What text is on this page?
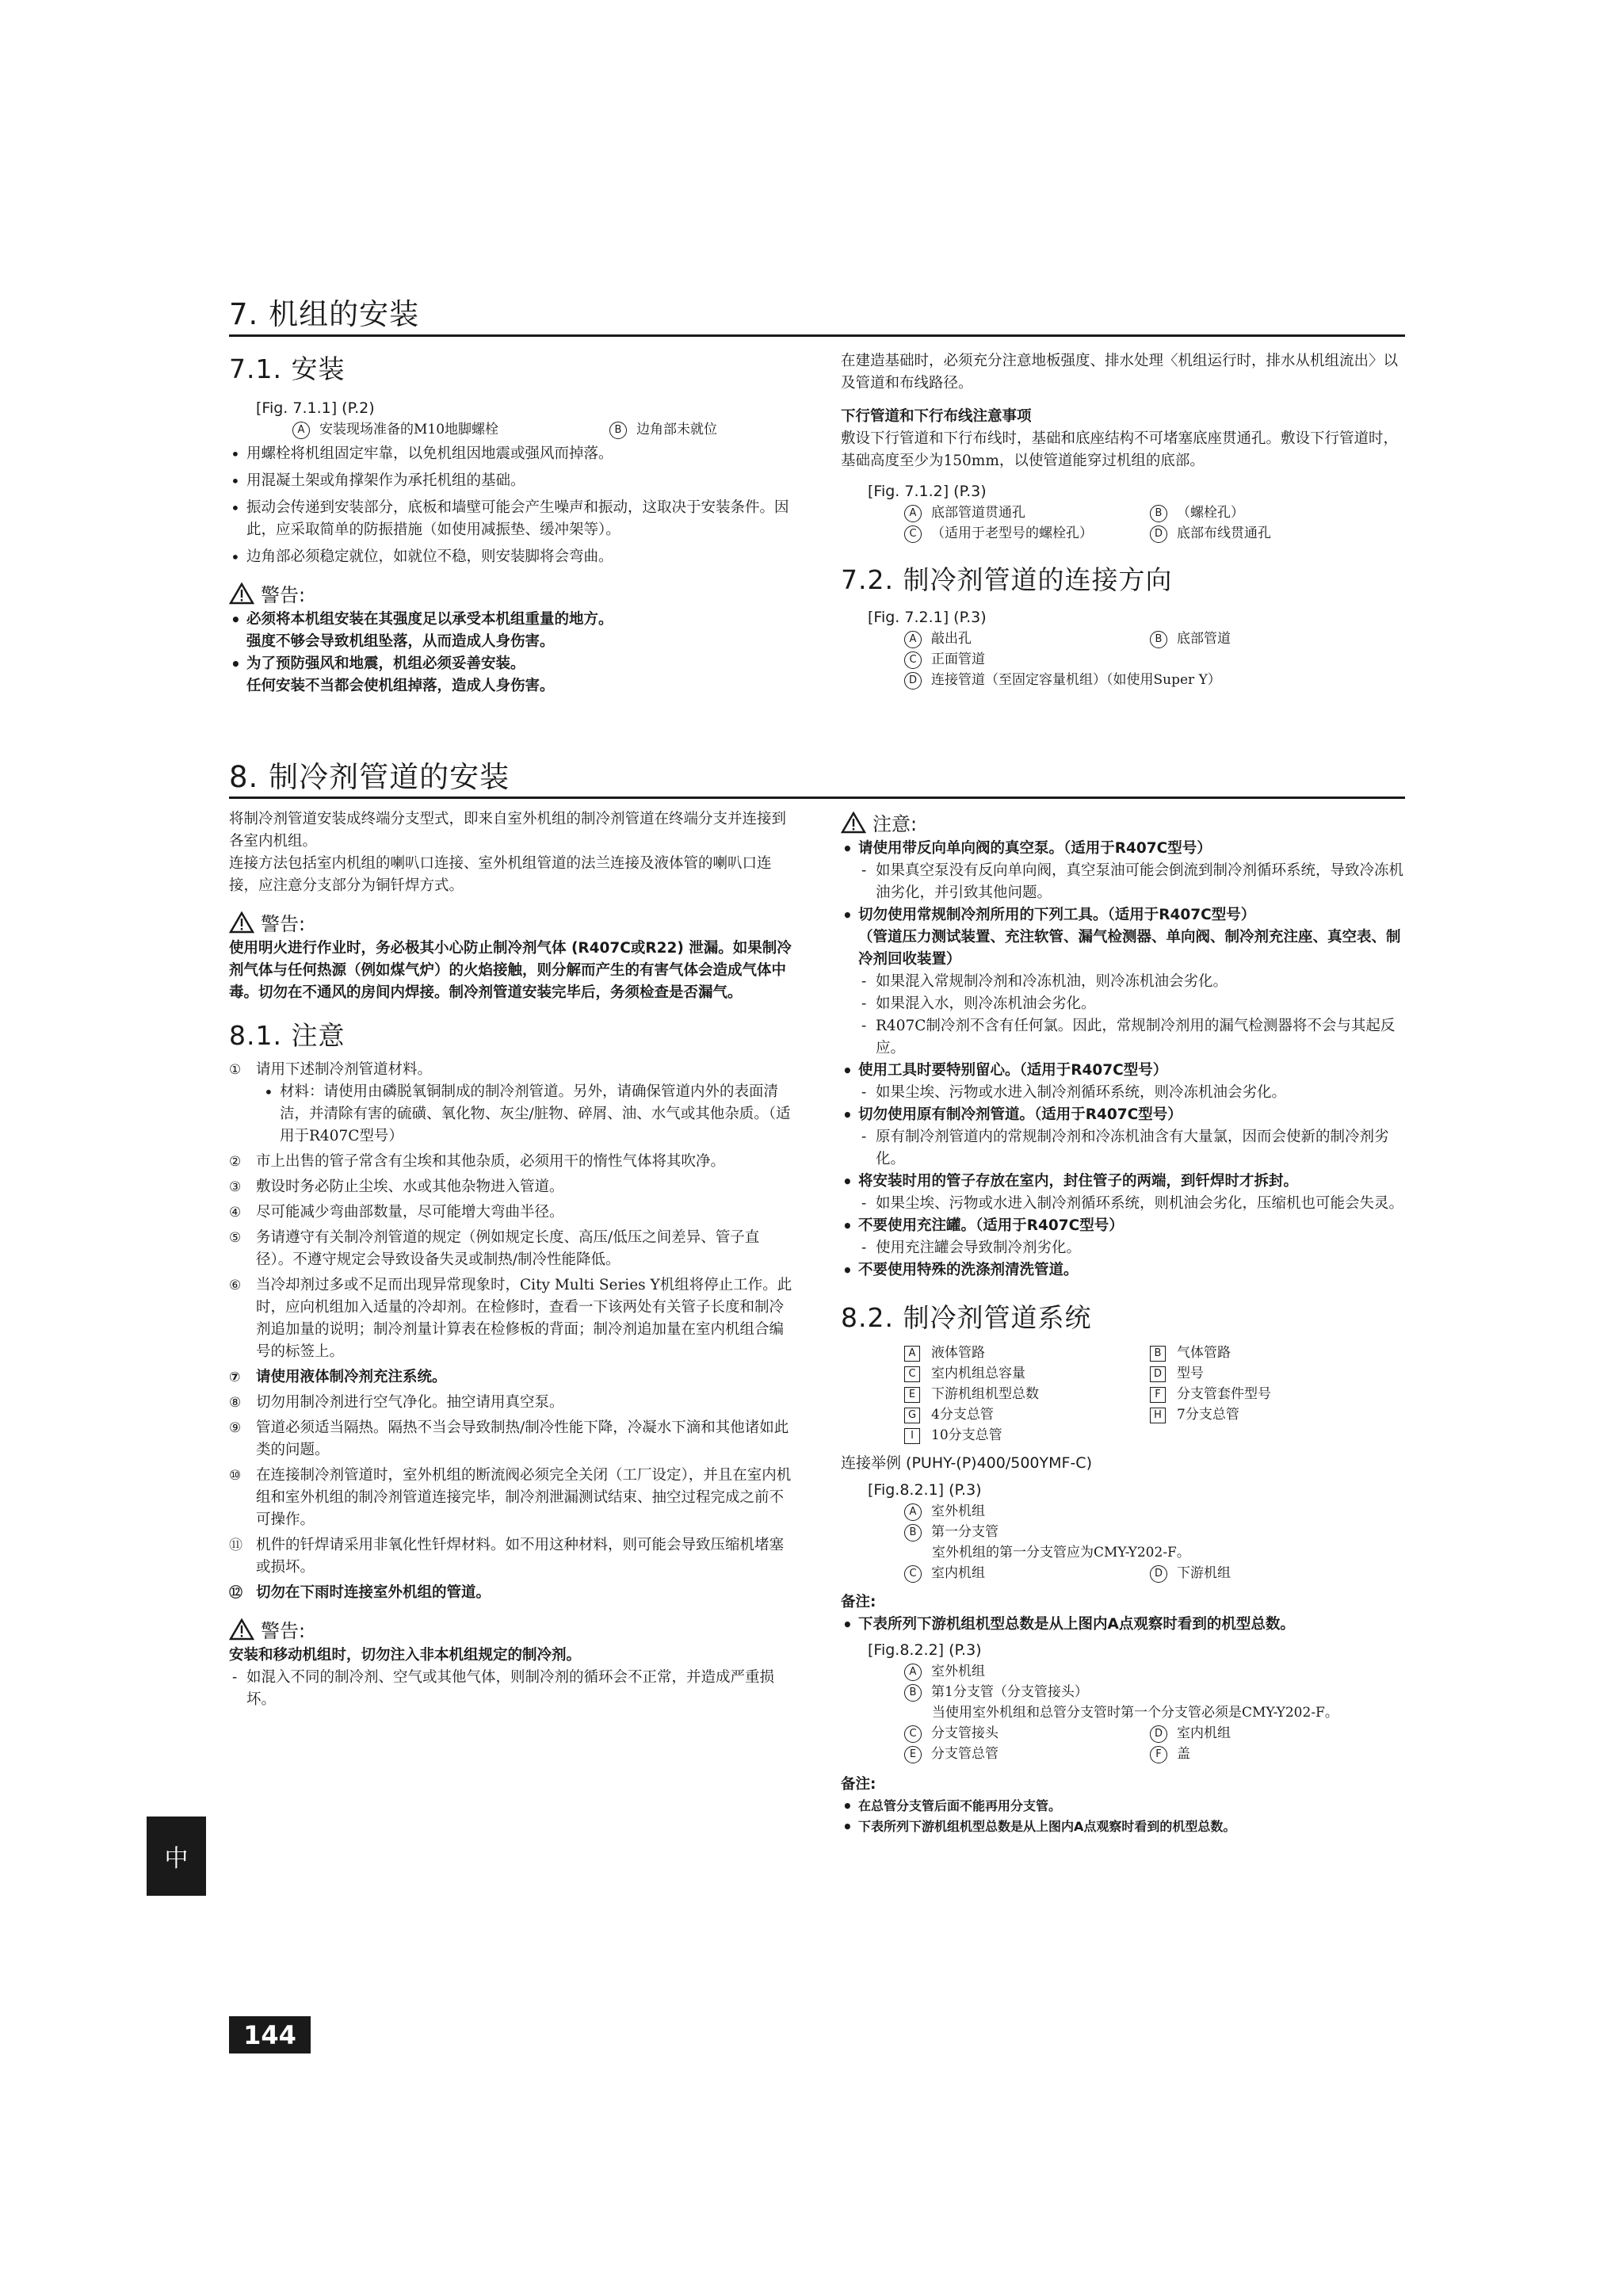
7. 机组的安装
7.1. 安装
[Fig. 7.1.1] (P.2)
A 安装现场准备的M10地脚螺栓	B 边角部未就位
• 用螺栓将机组固定牢靠，以免机组因地震或强风而掉落。
• 用混凝土架或角撑架作为承托机组的基础。
• 振动会传递到安装部分，底板和墙壁可能会产生噪声和振动，这取决于安装条件。因此，应采取简单的防振措施（如使用减振垫、缓冲架等）。
• 边角部必须稳定就位，如就位不稳，则安装脚将会弯曲。
警告:
• 必须将本机组安装在其强度足以承受本机组重量的地方。
强度不够会导致机组坠落，从而造成人身伤害。
• 为了预防强风和地震，机组必须妥善安装。
任何安装不当都会使机组掉落，造成人身伤害。
在建造基础时，必须充分注意地板强度、排水处理〈机组运行时，排水从机组流出〉以及管道和布线路径。
下行管道和下行布线注意事项
敷设下行管道和下行布线时，基础和底座结构不可堵塞底座贯通孔。敷设下行管道时，基础高度至少为150mm，以使管道能穿过机组的底部。
[Fig. 7.1.2] (P.3)
A 底部管道贯通孔	B （螺栓孔）
C （适用于老型号的螺栓孔）	D 底部布线贯通孔
7.2. 制冷剂管道的连接方向
[Fig. 7.2.1] (P.3)
A 敲出孔	B 底部管道
C 正面管道
D 连接管道（至固定容量机组）（如使用Super Y）
8. 制冷剂管道的安装
将制冷剂管道安装成终端分支型式，即来自室外机组的制冷剂管道在终端分支并连接到各室内机组。
连接方法包括室内机组的喇叭口连接、室外机组管道的法兰连接及液体管的喇叭口连接，应注意分支部分为铜钎焊方式。
警告:
使用明火进行作业时，务必极其小心防止制冷剂气体 (R407C或R22) 泄漏。如果制冷剂气体与任何热源（例如煤气炉）的火焰接触，则分解而产生的有害气体会造成气体中毒。切勿在不通风的房间内焊接。制冷剂管道安装完毕后，务须检查是否漏气。
8.1. 注意
① 请用下述制冷剂管道材料。
• 材料：请使用由磷脱氧铜制成的制冷剂管道。另外，请确保管道内外的表面清洁，并清除有害的硫磺、氧化物、灰尘/脏物、碎屑、油、水气或其他杂质。（适用于R407C型号）
② 市上出售的管子常含有尘埃和其他杂质，必须用干的惰性气体将其吹净。
③ 敷设时务必防止尘埃、水或其他杂物进入管道。
④ 尽可能减少弯曲部数量，尽可能增大弯曲半径。
⑤ 务请遵守有关制冷剂管道的规定（例如规定长度、高压/低压之间差异、管子直径）。不遵守规定会导致设备失灵或制热/制冷性能降低。
⑥ 当冷却剂过多或不足而出现异常现象时，City Multi Series Y机组将停止工作。此时，应向机组加入适量的冷却剂。在检修时，查看一下该两处有关管子长度和制冷剂追加量的说明；制冷剂量计算表在检修板的背面；制冷剂追加量在室内机组合编号的标签上。
⑦ 请使用液体制冷剂充注系统。
⑧ 切勿用制冷剂进行空气净化。抽空请用真空泵。
⑨ 管道必须适当隔热。隔热不当会导致制热/制冷性能下降，冷凝水下滴和其他诸如此类的问题。
⑩ 在连接制冷剂管道时，室外机组的断流阀必须完全关闭（工厂设定），并且在室内机组和室外机组的制冷剂管道连接完毕，制冷剂泄漏测试结束、抽空过程完成之前不可操作。
⑪ 机件的钎焊请采用非氧化性钎焊材料。如不用这种材料，则可能会导致压缩机堵塞或损坏。
⑫ 切勿在下雨时连接室外机组的管道。
警告:
安装和移动机组时，切勿注入非本机组规定的制冷剂。
- 如混入不同的制冷剂、空气或其他气体，则制冷剂的循环会不正常，并造成严重损坏。
注意:
• 请使用带反向单向阀的真空泵。（适用于R407C型号）
- 如果真空泵没有反向单向阀，真空泵油可能会倒流到制冷剂循环系统，导致冷冻机油劣化，并引致其他问题。
• 切勿使用常规制冷剂所用的下列工具。（适用于R407C型号）
（管道压力测试装置、充注软管、漏气检测器、单向阀、制冷剂充注座、真空表、制冷剂回收装置）
- 如果混入常规制冷剂和冷冻机油，则冷冻机油会劣化。
- 如果混入水，则冷冻机油会劣化。
- R407C制冷剂不含有任何氯。因此，常规制冷剂用的漏气检测器将不会与其起反应。
• 使用工具时要特别留心。（适用于R407C型号）
- 如果尘埃、污物或水进入制冷剂循环系统，则冷冻机油会劣化。
• 切勿使用原有制冷剂管道。（适用于R407C型号）
- 原有制冷剂管道内的常规制冷剂和冷冻机油含有大量氯，因而会使新的制冷剂劣化。
• 将安装时用的管子存放在室内，封住管子的两端，到钎焊时才拆封。
- 如果尘埃、污物或水进入制冷剂循环系统，则机油会劣化，压缩机也可能会失灵。
• 不要使用充注罐。（适用于R407C型号）
- 使用充注罐会导致制冷剂劣化。
• 不要使用特殊的洗涤剂清洗管道。
8.2. 制冷剂管道系统
A 液体管路	B 气体管路
C 室内机组总容量	D 型号
E 下游机组机型总数	F 分支管套件型号
G 4分支总管	H 7分支总管
I 10分支总管
连接举例 (PUHY-(P)400/500YMF-C)
[Fig.8.2.1] (P.3)
A 室外机组
B 第一分支管
室外机组的第一分支管应为CMY-Y202-F。
C 室内机组	D 下游机组
备注:
• 下表所列下游机组机型总数是从上图内A点观察时看到的机型总数。
[Fig.8.2.2] (P.3)
A 室外机组
B 第1分支管（分支管接头）
当使用室外机组和总管分支管时第一个分支管必须是CMY-Y202-F。
C 分支管接头	D 室内机组
E 分支管总管	F 盖
备注:
• 在总管分支管后面不能再用分支管。
• 下表所列下游机组机型总数是从上图内A点观察时看到的机型总数。
中
144
